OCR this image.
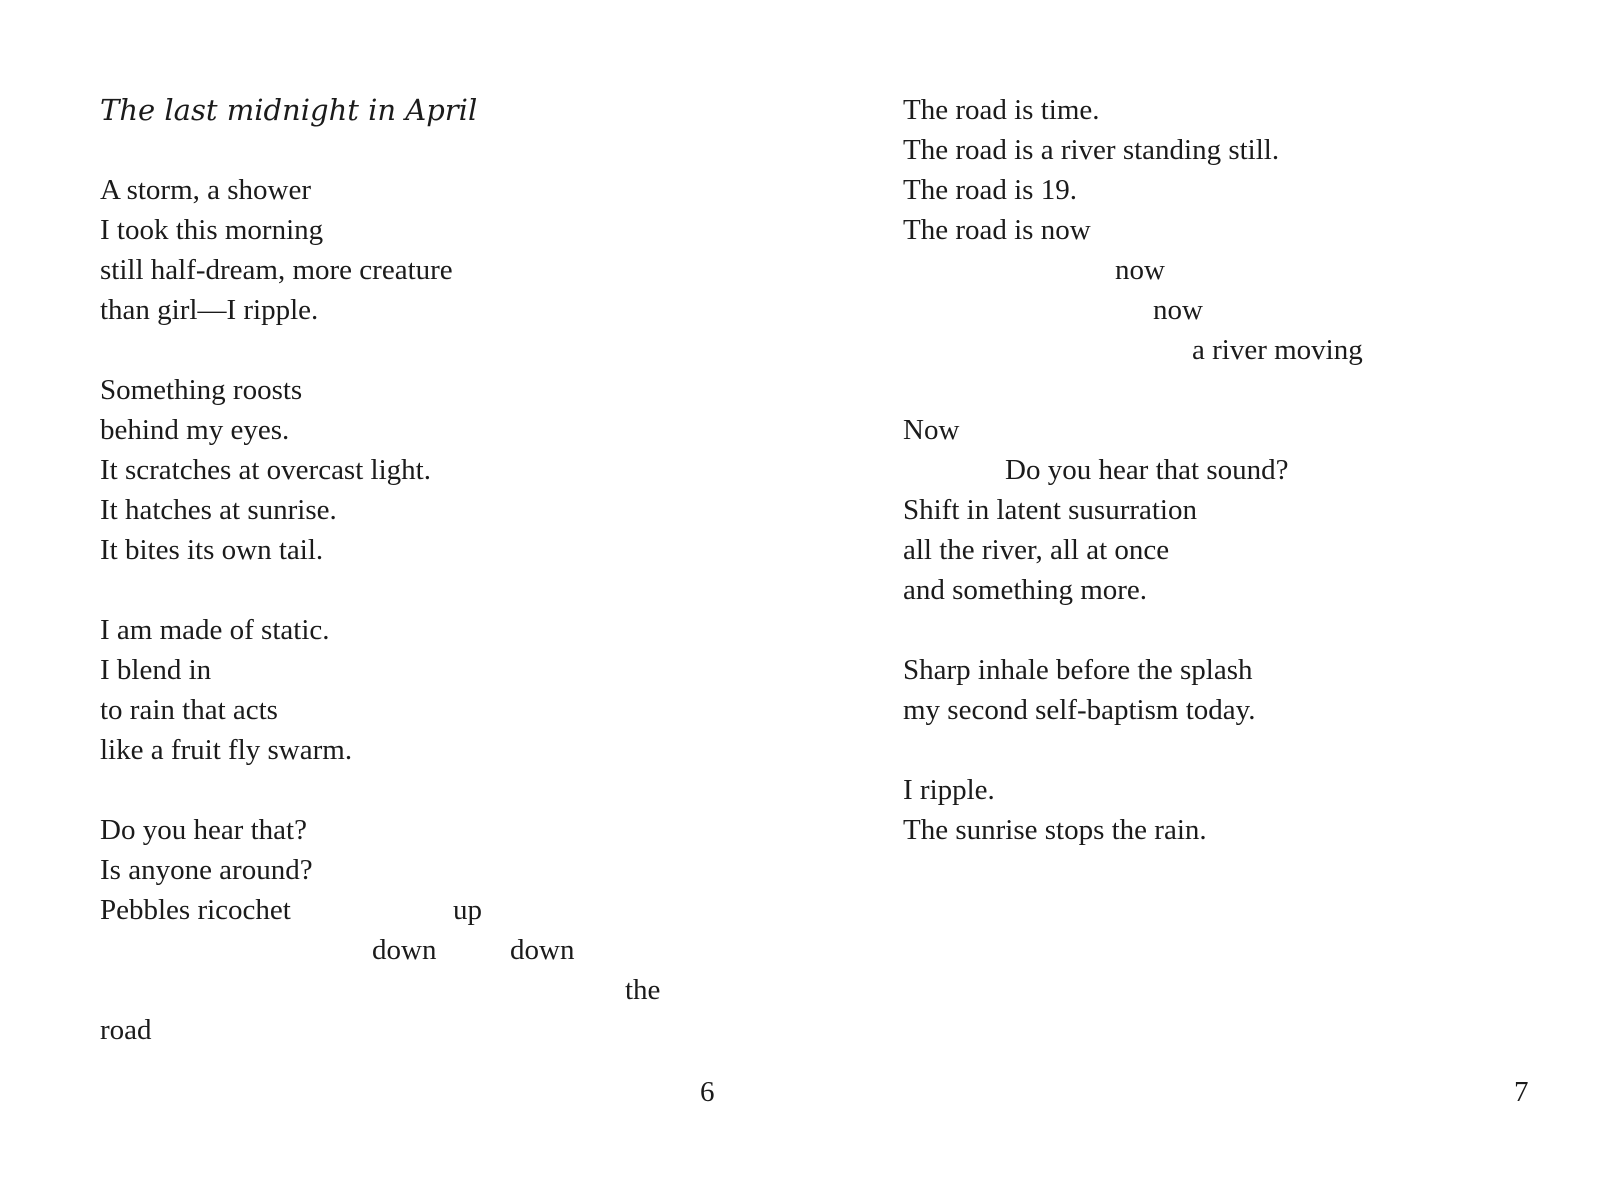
The last midnight in April
A storm, a shower
I took this morning
still half-dream, more creature
than girl—I ripple.
Something roosts
behind my eyes.
It scratches at overcast light.
It hatches at sunrise.
It bites its own tail.
I am made of static.
I blend in
to rain that acts
like a fruit fly swarm.
Do you hear that?
Is anyone around?
Pebbles ricochet	up
down	down
the
road
6
The road is time.
The road is a river standing still.
The road is 19.
The road is now
now
now
a river moving
Now
Do you hear that sound?
Shift in latent susurration
all the river, all at once
and something more.
Sharp inhale before the splash
my second self-baptism today.
I ripple.
The sunrise stops the rain.
7
